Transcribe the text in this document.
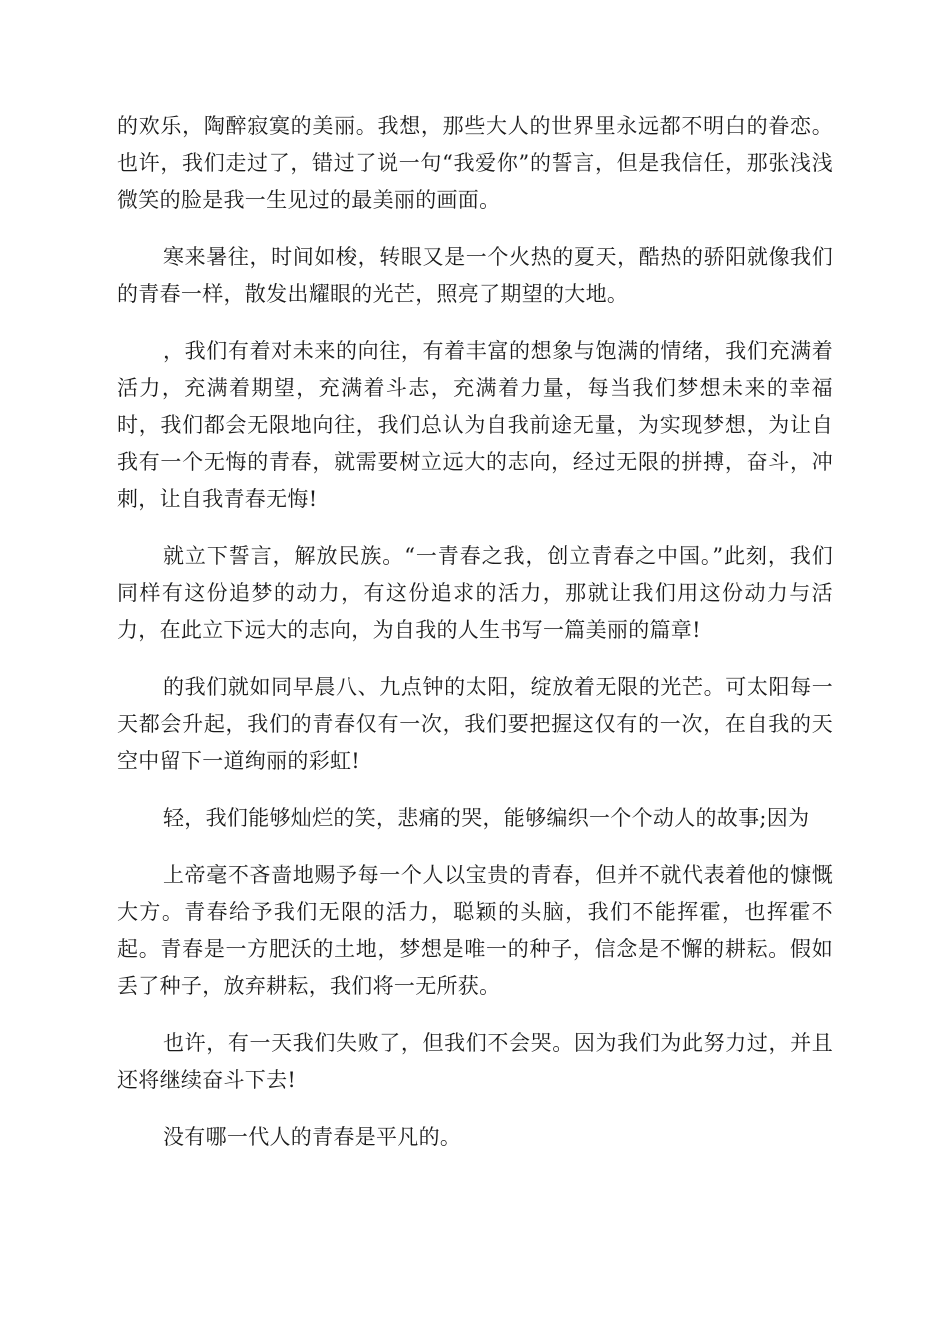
的欢乐，陶醉寂寞的美丽。我想，那些大人的世界里永远都不明白的眷恋。也许，我们走过了，错过了说一句“我爱你”的誓言，但是我信任，那张浅浅微笑的脸是我一生见过的最美丽的画面。

寒来暑往，时间如梭，转眼又是一个火热的夏天，酷热的骄阳就像我们的青春一样，散发出耀眼的光芒，照亮了期望的大地。

，我们有着对未来的向往，有着丰富的想象与饱满的情绪，我们充满着活力，充满着期望，充满着斗志，充满着力量，每当我们梦想未来的幸福时，我们都会无限地向往，我们总认为自我前途无量，为实现梦想，为让自我有一个无悔的青春，就需要树立远大的志向，经过无限的拼搏，奋斗，冲刺，让自我青春无悔!

就立下誓言，解放民族。“一青春之我，创立青春之中国。”此刻，我们同样有这份追梦的动力，有这份追求的活力，那就让我们用这份动力与活力，在此立下远大的志向，为自我的人生书写一篇美丽的篇章!

的我们就如同早晨八、九点钟的太阳，绽放着无限的光芒。可太阳每一天都会升起，我们的青春仅有一次，我们要把握这仅有的一次，在自我的天空中留下一道绚丽的彩虹!

轻，我们能够灿烂的笑，悲痛的哭，能够编织一个个动人的故事;因为

上帝毫不吝啬地赐予每一个人以宝贵的青春，但并不就代表着他的慷慨大方。青春给予我们无限的活力，聪颖的头脑，我们不能挥霍，也挥霍不起。青春是一方肥沃的土地，梦想是唯一的种子，信念是不懈的耕耘。假如丢了种子，放弃耕耘，我们将一无所获。

也许，有一天我们失败了，但我们不会哭。因为我们为此努力过，并且还将继续奋斗下去!

没有哪一代人的青春是平凡的。
